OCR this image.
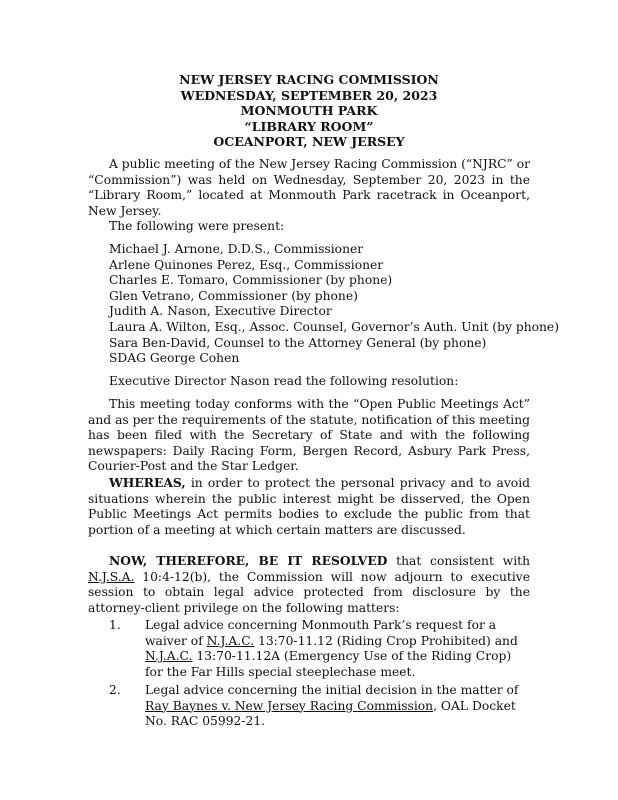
NEW JERSEY RACING COMMISSION
WEDNESDAY, SEPTEMBER 20, 2023
MONMOUTH PARK
“LIBRARY ROOM”
OCEANPORT, NEW JERSEY
A public meeting of the New Jersey Racing Commission (“NJRC” or “Commission”) was held on Wednesday, September 20, 2023 in the “Library Room,” located at Monmouth Park racetrack in Oceanport, New Jersey.
The following were present:
Michael J. Arnone, D.D.S., Commissioner
Arlene Quinones Perez, Esq., Commissioner
Charles E. Tomaro, Commissioner (by phone)
Glen Vetrano, Commissioner (by phone)
Judith A. Nason, Executive Director
Laura A. Wilton, Esq., Assoc. Counsel, Governor’s Auth. Unit (by phone)
Sara Ben-David, Counsel to the Attorney General (by phone)
SDAG George Cohen
Executive Director Nason read the following resolution:
This meeting today conforms with the “Open Public Meetings Act” and as per the requirements of the statute, notification of this meeting has been filed with the Secretary of State and with the following newspapers: Daily Racing Form, Bergen Record, Asbury Park Press, Courier-Post and the Star Ledger.
WHEREAS, in order to protect the personal privacy and to avoid situations wherein the public interest might be disserved, the Open Public Meetings Act permits bodies to exclude the public from that portion of a meeting at which certain matters are discussed.
NOW, THEREFORE, BE IT RESOLVED that consistent with N.J.S.A. 10:4-12(b), the Commission will now adjourn to executive session to obtain legal advice protected from disclosure by the attorney-client privilege on the following matters:
1. Legal advice concerning Monmouth Park’s request for a waiver of N.J.A.C. 13:70-11.12 (Riding Crop Prohibited) and N.J.A.C. 13:70-11.12A (Emergency Use of the Riding Crop) for the Far Hills special steeplechase meet.
2. Legal advice concerning the initial decision in the matter of Ray Baynes v. New Jersey Racing Commission, OAL Docket No. RAC 05992-21.
